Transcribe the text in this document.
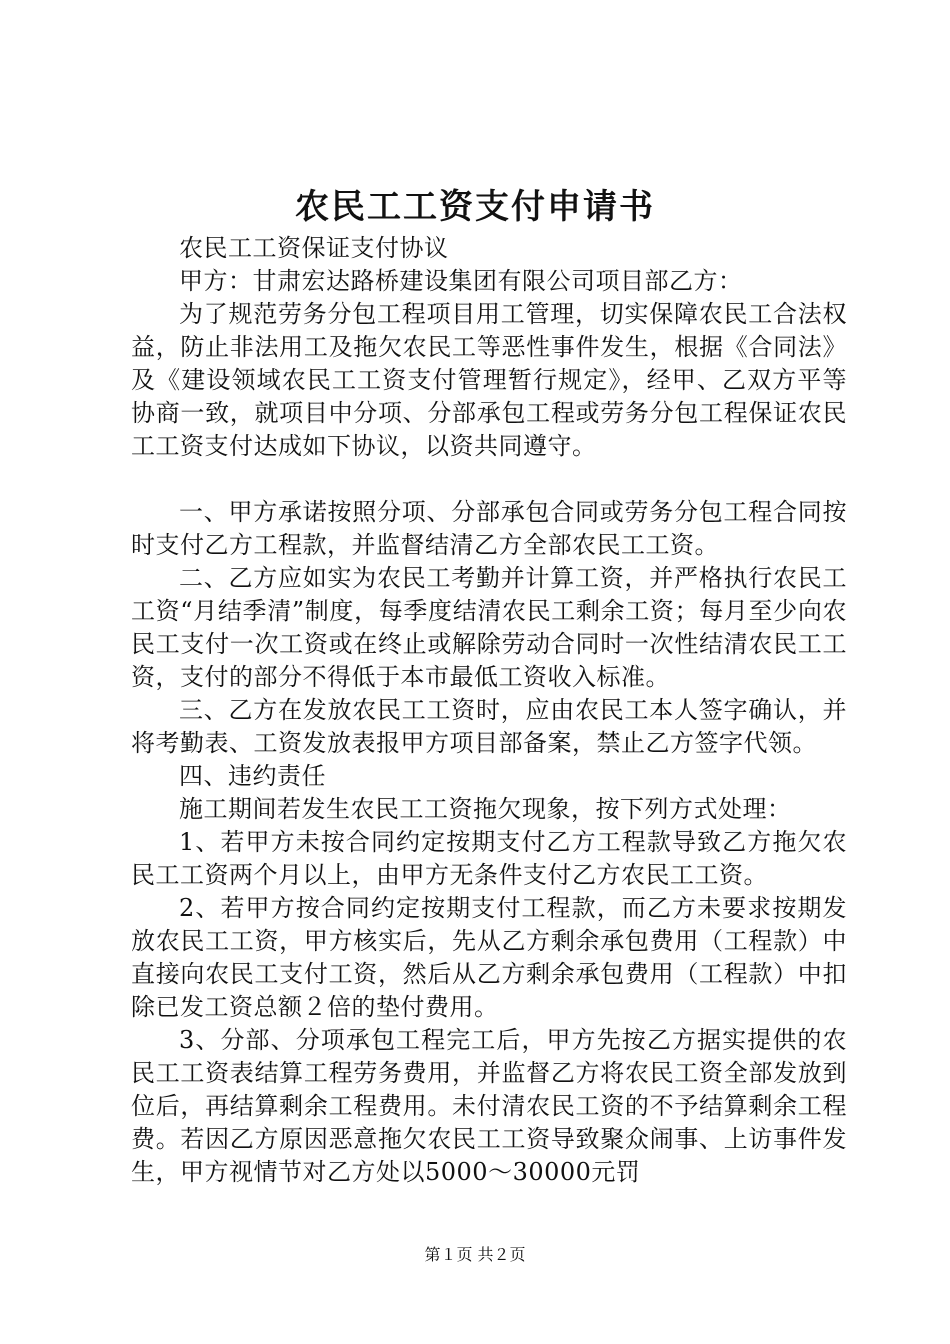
农民工工资支付申请书

农民工工资保证支付协议

甲方：甘肃宏达路桥建设集团有限公司项目部乙方：

为了规范劳务分包工程项目用工管理，切实保障农民工合法权益，防止非法用工及拖欠农民工等恶性事件发生，根据《合同法》及《建设领域农民工工资支付管理暂行规定》，经甲、乙双方平等协商一致，就项目中分项、分部承包工程或劳务分包工程保证农民工工资支付达成如下协议，以资共同遵守。

一、甲方承诺按照分项、分部承包合同或劳务分包工程合同按时支付乙方工程款，并监督结清乙方全部农民工工资。

二、乙方应如实为农民工考勤并计算工资，并严格执行农民工工资“月结季清”制度，每季度结清农民工剩余工资；每月至少向农民工支付一次工资或在终止或解除劳动合同时一次性结清农民工工资，支付的部分不得低于本市最低工资收入标准。

三、乙方在发放农民工工资时，应由农民工本人签字确认，并将考勤表、工资发放表报甲方项目部备案，禁止乙方签字代领。

四、违约责任

施工期间若发生农民工工资拖欠现象，按下列方式处理：

1、若甲方未按合同约定按期支付乙方工程款导致乙方拖欠农民工工资两个月以上，由甲方无条件支付乙方农民工工资。

2、若甲方按合同约定按期支付工程款，而乙方未要求按期发放农民工工资，甲方核实后，先从乙方剩余承包费用（工程款）中直接向农民工支付工资，然后从乙方剩余承包费用（工程款）中扣除已发工资总额２倍的垫付费用。

3、分部、分项承包工程完工后，甲方先按乙方据实提供的农民工工资表结算工程劳务费用，并监督乙方将农民工资全部发放到位后，再结算剩余工程费用。未付清农民工资的不予结算剩余工程费。若因乙方原因恶意拖欠农民工工资导致聚众闹事、上访事件发生，甲方视情节对乙方处以5000～30000元罚

第１页 共２页
